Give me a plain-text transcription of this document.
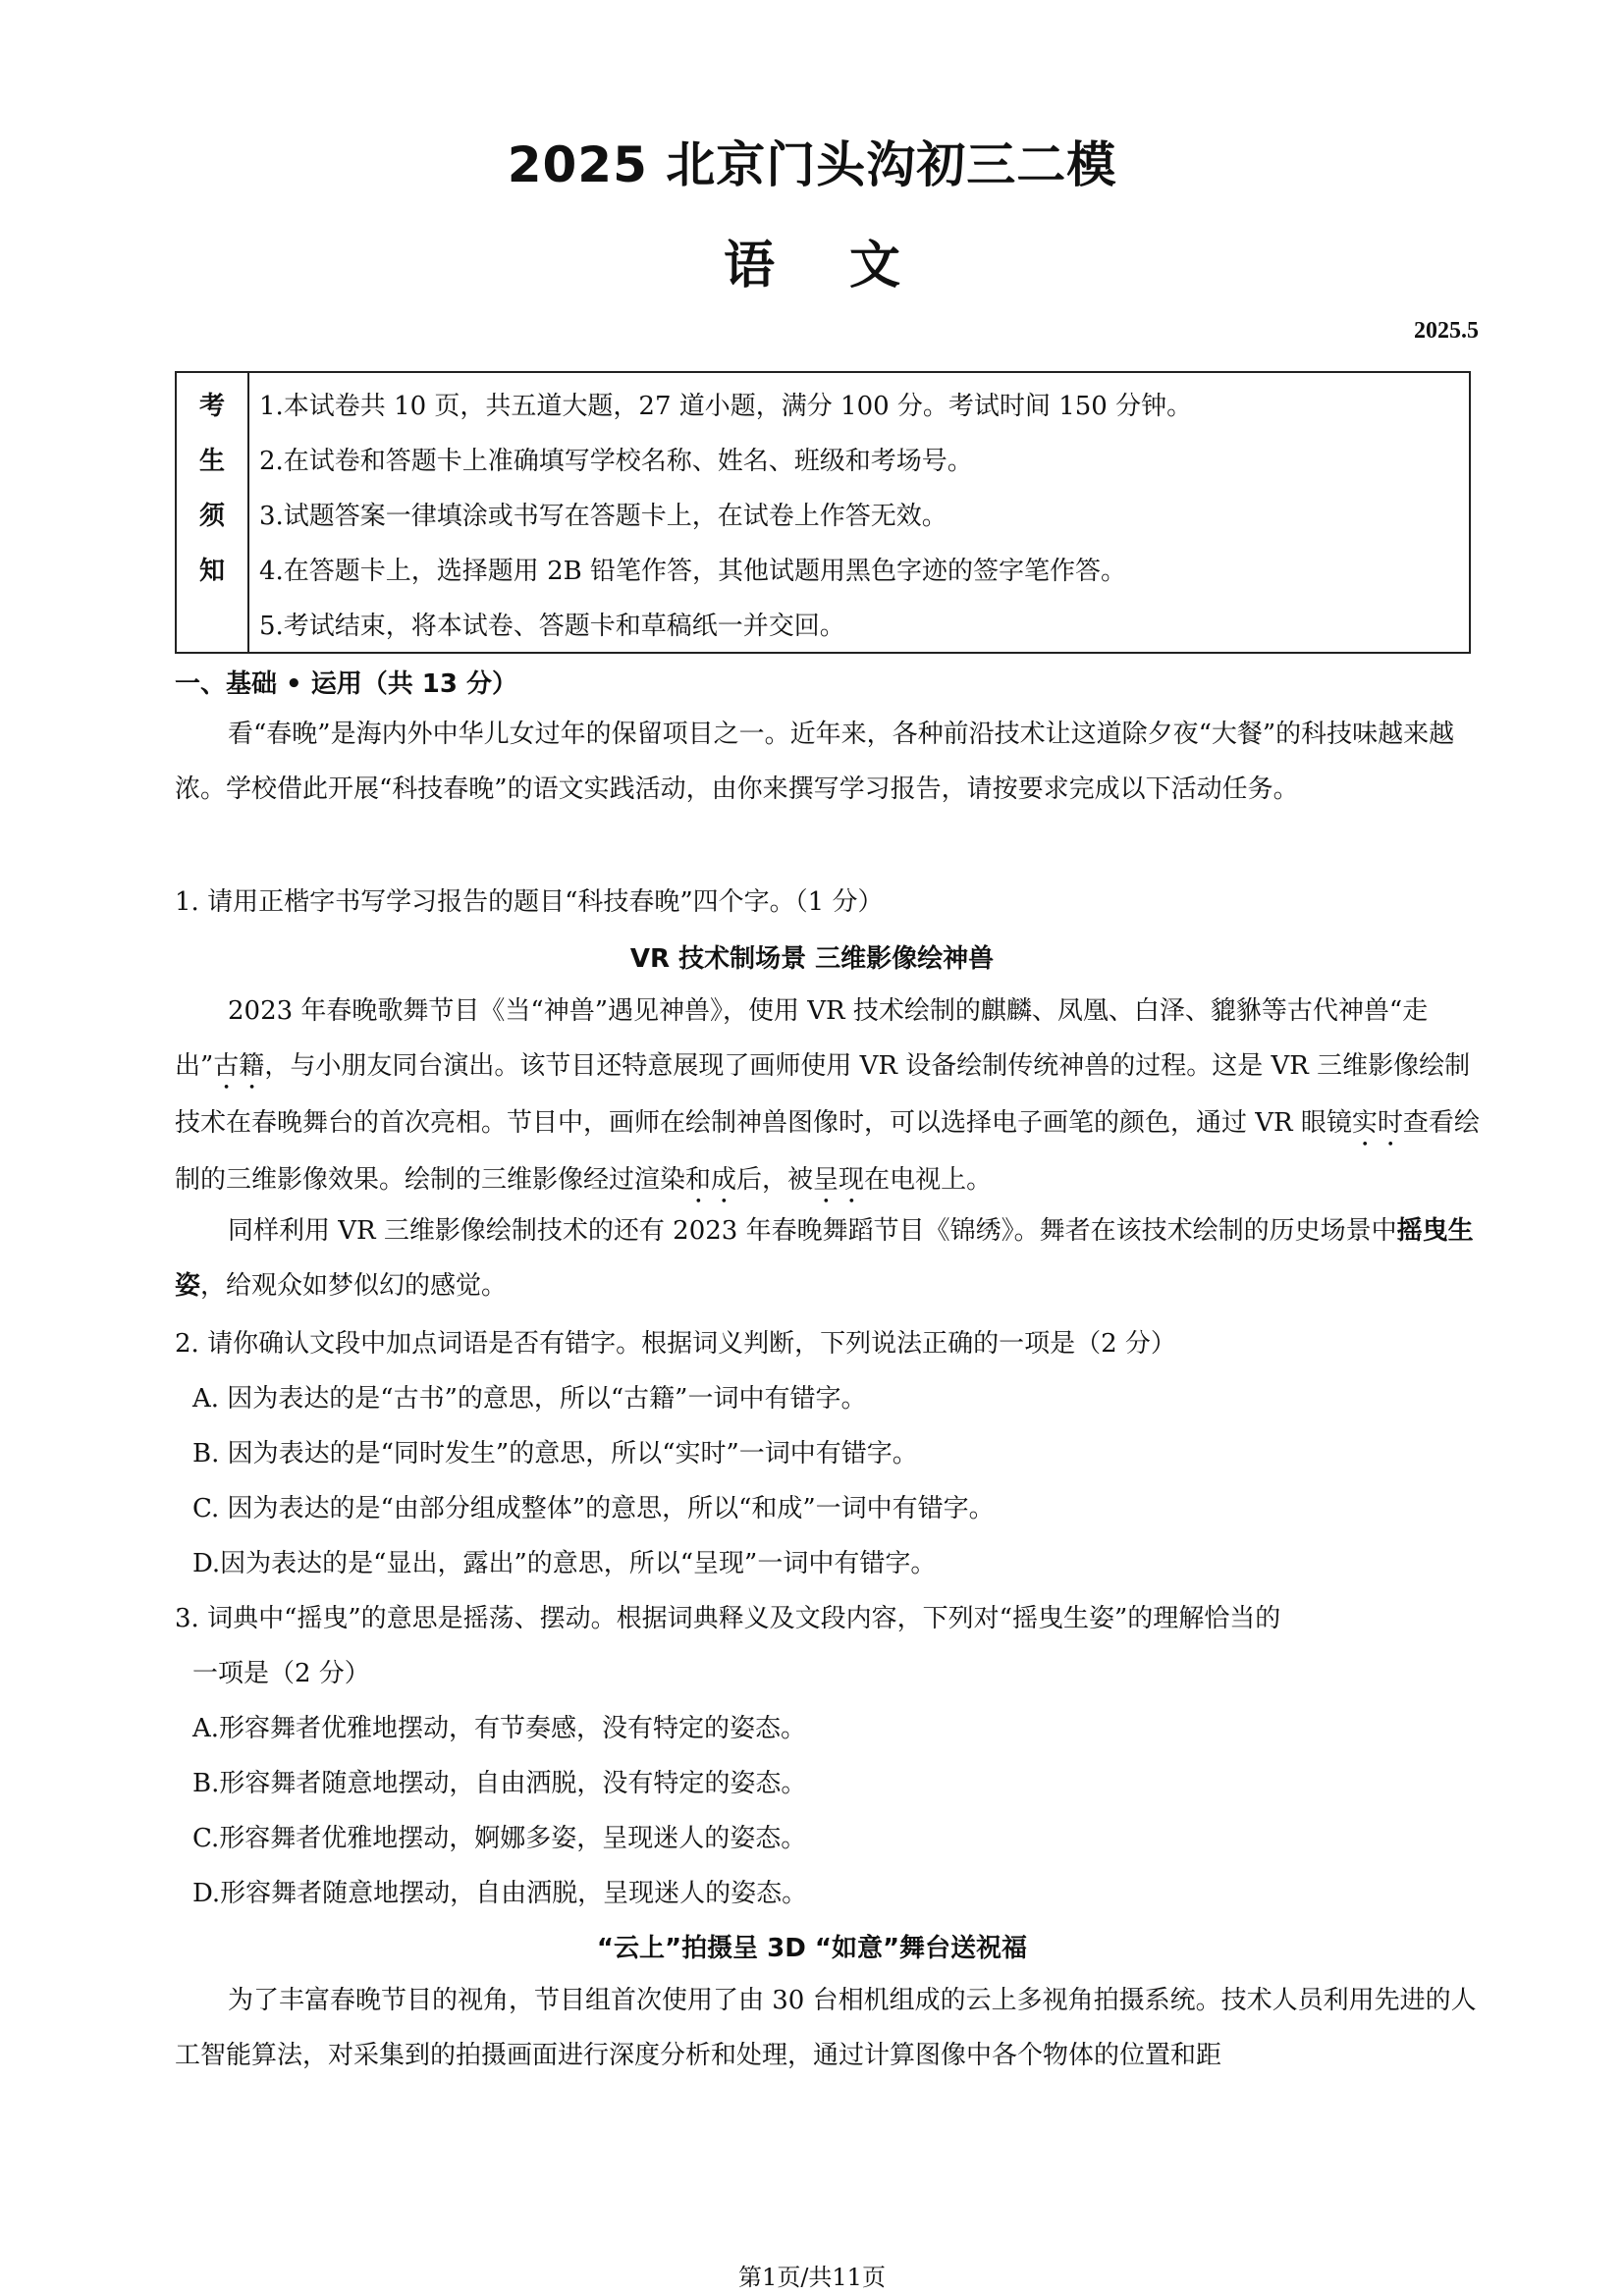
2025 北京门头沟初三二模
语文
2025.5
考
生
须
知
1.本试卷共 10 页，共五道大题，27 道小题，满分 100 分。考试时间 150 分钟。
2.在试卷和答题卡上准确填写学校名称、姓名、班级和考场号。
3.试题答案一律填涂或书写在答题卡上，在试卷上作答无效。
4.在答题卡上，选择题用 2B 铅笔作答，其他试题用黑色字迹的签字笔作答。
5.考试结束，将本试卷、答题卡和草稿纸一并交回。
一、基础 • 运用（共 13 分）
看“春晚”是海内外中华儿女过年的保留项目之一。近年来，各种前沿技术让这道除夕夜“大餐”的科技味越来越浓。学校借此开展“科技春晚”的语文实践活动，由你来撰写学习报告，请按要求完成以下活动任务。
1. 请用正楷字书写学习报告的题目“科技春晚”四个字。（1 分）
VR 技术制场景 三维影像绘神兽
2023 年春晚歌舞节目《当“神兽”遇见神兽》，使用 VR 技术绘制的麒麟、凤凰、白泽、貔貅等古代神兽“走出”古籍，与小朋友同台演出。该节目还特意展现了画师使用 VR 设备绘制传统神兽的过程。这是 VR 三维影像绘制技术在春晚舞台的首次亮相。节目中，画师在绘制神兽图像时，可以选择电子画笔的颜色，通过 VR 眼镜实时查看绘制的三维影像效果。绘制的三维影像经过渲染和成后，被呈现在电视上。
同样利用 VR 三维影像绘制技术的还有 2023 年春晚舞蹈节目《锦绣》。舞者在该技术绘制的历史场景中摇曳生姿，给观众如梦似幻的感觉。
2. 请你确认文段中加点词语是否有错字。根据词义判断，下列说法正确的一项是（2 分）
A. 因为表达的是“古书”的意思，所以“古籍”一词中有错字。
B. 因为表达的是“同时发生”的意思，所以“实时”一词中有错字。
C. 因为表达的是“由部分组成整体”的意思，所以“和成”一词中有错字。
D.因为表达的是“显出，露出”的意思，所以“呈现”一词中有错字。
3. 词典中“摇曳”的意思是摇荡、摆动。根据词典释义及文段内容，下列对“摇曳生姿”的理解恰当的
一项是（2 分）
A.形容舞者优雅地摆动，有节奏感，没有特定的姿态。
B.形容舞者随意地摆动，自由洒脱，没有特定的姿态。
C.形容舞者优雅地摆动，婀娜多姿，呈现迷人的姿态。
D.形容舞者随意地摆动，自由洒脱，呈现迷人的姿态。
“云上”拍摄呈 3D “如意”舞台送祝福
为了丰富春晚节目的视角，节目组首次使用了由 30 台相机组成的云上多视角拍摄系统。技术人员利用先进的人工智能算法，对采集到的拍摄画面进行深度分析和处理，通过计算图像中各个物体的位置和距
第1页/共11页
